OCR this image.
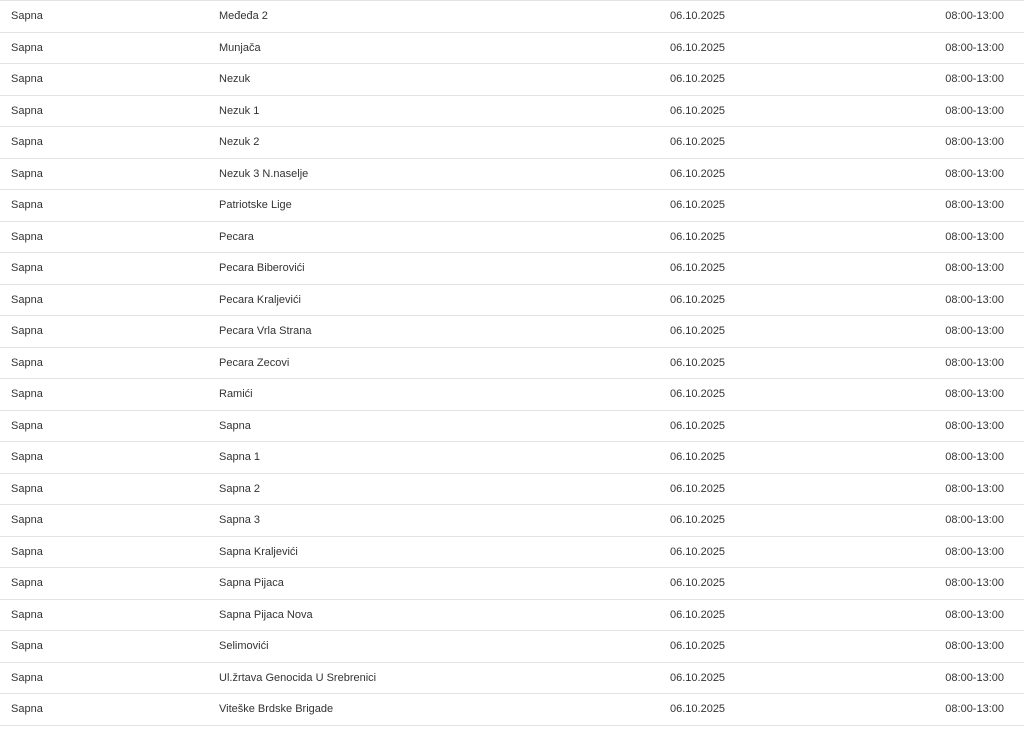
Sapna	Međeđa 2	06.10.2025	08:00-13:00
Sapna	Munjača	06.10.2025	08:00-13:00
Sapna	Nezuk	06.10.2025	08:00-13:00
Sapna	Nezuk 1	06.10.2025	08:00-13:00
Sapna	Nezuk 2	06.10.2025	08:00-13:00
Sapna	Nezuk 3 N.naselje	06.10.2025	08:00-13:00
Sapna	Patriotske Lige	06.10.2025	08:00-13:00
Sapna	Pecara	06.10.2025	08:00-13:00
Sapna	Pecara Biberovići	06.10.2025	08:00-13:00
Sapna	Pecara Kraljevići	06.10.2025	08:00-13:00
Sapna	Pecara Vrla Strana	06.10.2025	08:00-13:00
Sapna	Pecara Zecovi	06.10.2025	08:00-13:00
Sapna	Ramići	06.10.2025	08:00-13:00
Sapna	Sapna	06.10.2025	08:00-13:00
Sapna	Sapna 1	06.10.2025	08:00-13:00
Sapna	Sapna 2	06.10.2025	08:00-13:00
Sapna	Sapna 3	06.10.2025	08:00-13:00
Sapna	Sapna Kraljevići	06.10.2025	08:00-13:00
Sapna	Sapna Pijaca	06.10.2025	08:00-13:00
Sapna	Sapna Pijaca Nova	06.10.2025	08:00-13:00
Sapna	Selimovići	06.10.2025	08:00-13:00
Sapna	Ul.žrtava Genocida U Srebrenici	06.10.2025	08:00-13:00
Sapna	Viteške Brdske Brigade	06.10.2025	08:00-13:00
